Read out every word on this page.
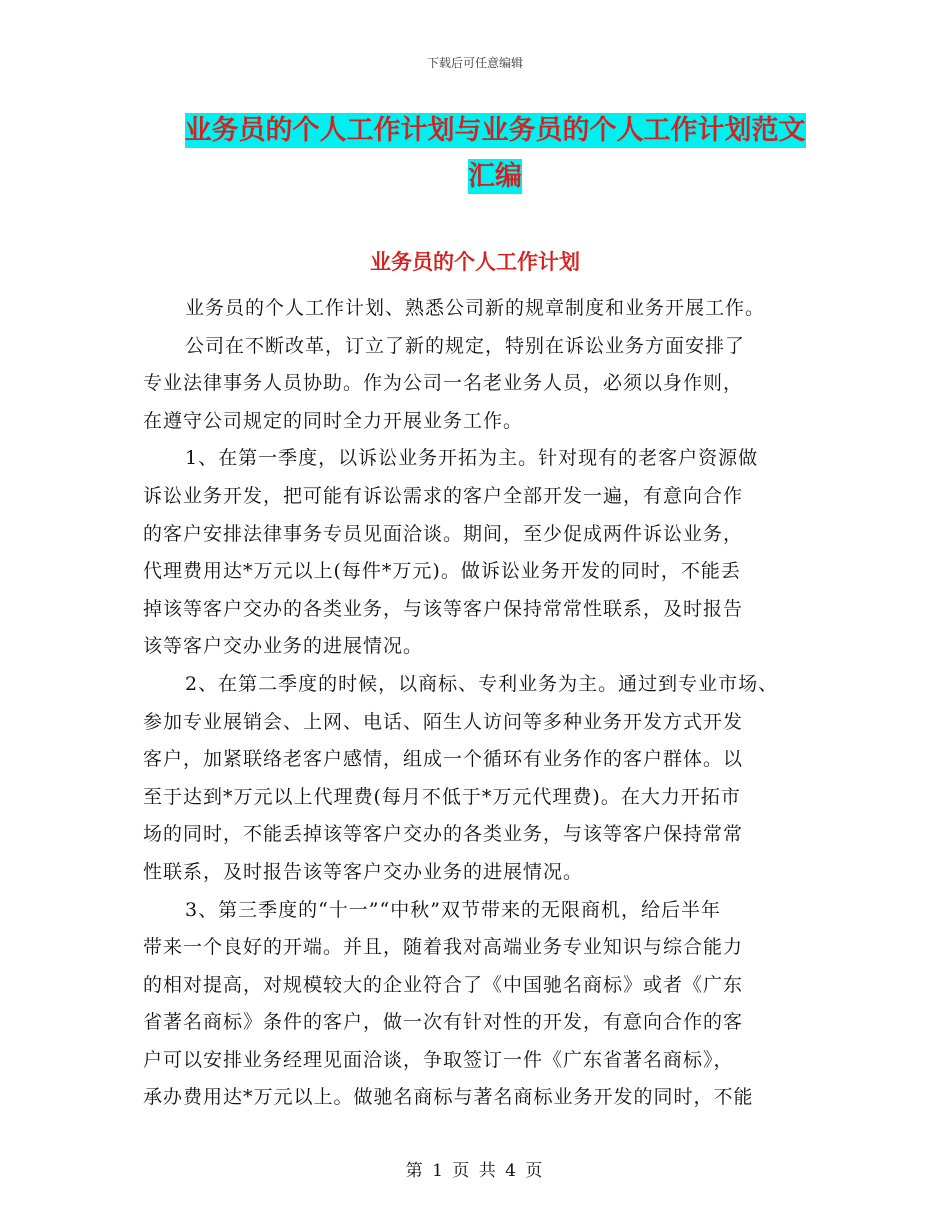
下载后可任意编辑
业务员的个人工作计划与业务员的个人工作计划范文
汇编
业务员的个人工作计划
业务员的个人工作计划、熟悉公司新的规章制度和业务开展工作。
公司在不断改革，订立了新的规定，特别在诉讼业务方面安排了
专业法律事务人员协助。作为公司一名老业务人员，必须以身作则，
在遵守公司规定的同时全力开展业务工作。
1、在第一季度，以诉讼业务开拓为主。针对现有的老客户资源做
诉讼业务开发，把可能有诉讼需求的客户全部开发一遍，有意向合作
的客户安排法律事务专员见面洽谈。期间，至少促成两件诉讼业务，
代理费用达*万元以上(每件*万元)。做诉讼业务开发的同时，不能丢
掉该等客户交办的各类业务，与该等客户保持常常性联系，及时报告
该等客户交办业务的进展情况。
2、在第二季度的时候，以商标、专利业务为主。通过到专业市场、
参加专业展销会、上网、电话、陌生人访问等多种业务开发方式开发
客户，加紧联络老客户感情，组成一个循环有业务作的客户群体。以
至于达到*万元以上代理费(每月不低于*万元代理费)。在大力开拓市
场的同时，不能丢掉该等客户交办的各类业务，与该等客户保持常常
性联系，及时报告该等客户交办业务的进展情况。
3、第三季度的“十一”“中秋”双节带来的无限商机，给后半年
带来一个良好的开端。并且，随着我对高端业务专业知识与综合能力
的相对提高，对规模较大的企业符合了《中国驰名商标》或者《广东
省著名商标》条件的客户，做一次有针对性的开发，有意向合作的客
户可以安排业务经理见面洽谈，争取签订一件《广东省著名商标》，
承办费用达*万元以上。做驰名商标与著名商标业务开发的同时，不能
第 1 页 共 4 页
